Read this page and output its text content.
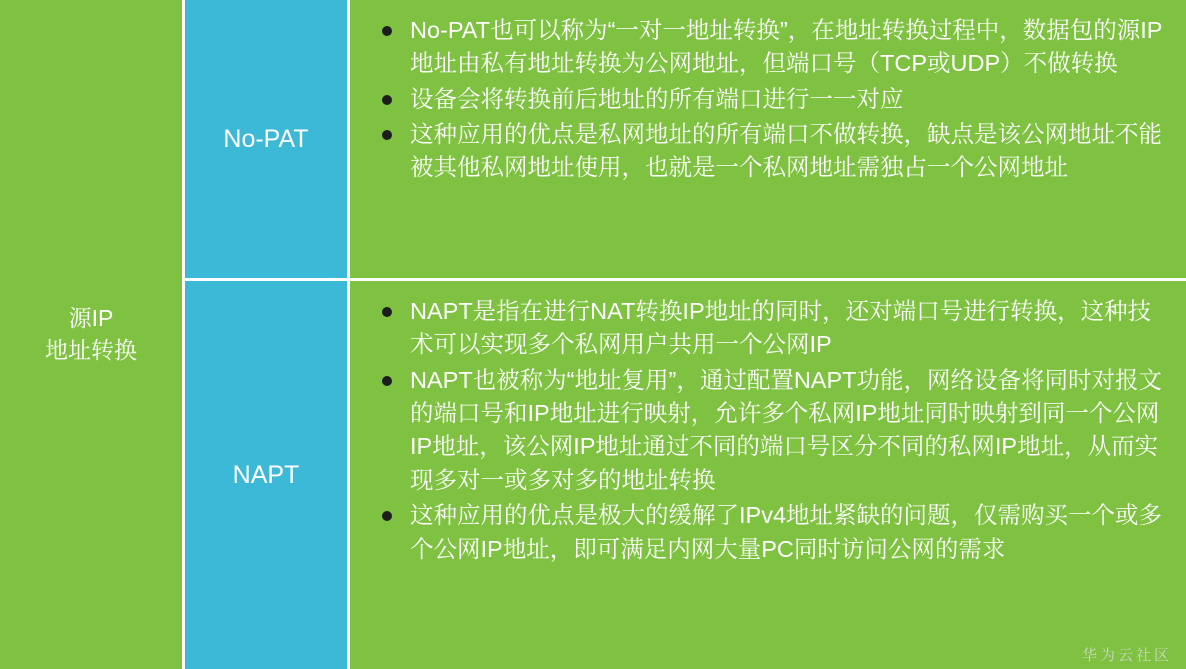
源IP
地址转换
No-PAT
No-PAT也可以称为“一对一地址转换”，在地址转换过程中，数据包的源IP地址由私有地址转换为公网地址，但端口号（TCP或UDP）不做转换
设备会将转换前后地址的所有端口进行一一对应
这种应用的优点是私网地址的所有端口不做转换，缺点是该公网地址不能被其他私网地址使用，也就是一个私网地址需独占一个公网地址
NAPT
NAPT是指在进行NAT转换IP地址的同时，还对端口号进行转换，这种技术可以实现多个私网用户共用一个公网IP
NAPT也被称为“地址复用”，通过配置NAPT功能，网络设备将同时对报文的端口号和IP地址进行映射，允许多个私网IP地址同时映射到同一个公网IP地址，该公网IP地址通过不同的端口号区分不同的私网IP地址，从而实现多对一或多对多的地址转换
这种应用的优点是极大的缓解了IPv4地址紧缺的问题，仅需购买一个或多个公网IP地址，即可满足内网大量PC同时访问公网的需求
华为云社区
